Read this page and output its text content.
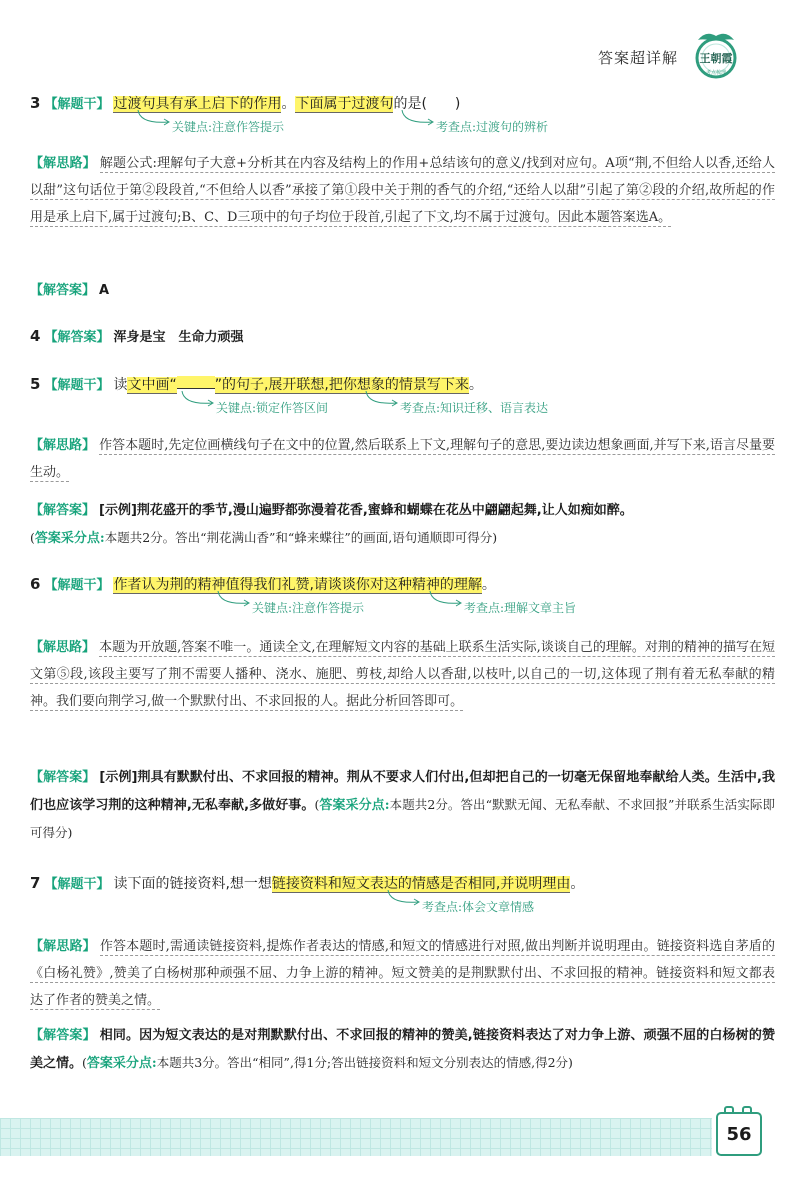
答案超详解 王朝霞
考点梳理
3 【解题干】 过渡句具有承上启下的作用。下面属于过渡句的是(　　)
关键点:注意作答提示	考查点:过渡句的辨析
【解思路】 解题公式:理解句子大意+分析其在内容及结构上的作用+总结该句的意义/找到对应句。A项“荆,不但给人以香,还给人以甜”这句话位于第②段段首,“不但给人以香”承接了第①段中关于荆的香气的介绍,“还给人以甜”引起了第②段的介绍,故所起的作用是承上启下,属于过渡句;B、C、D三项中的句子均位于段首,引起了下文,均不属于过渡句。因此本题答案选A。
【解答案】 A
4 【解答案】 浑身是宝　生命力顽强
5 【解题干】 读文中画“	”的句子,展开联想,把你想象的情景写下来。
关键点:锁定作答区间	考查点:知识迁移、语言表达
【解思路】 作答本题时,先定位画横线句子在文中的位置,然后联系上下文,理解句子的意思,要边读边想象画面,并写下来,语言尽量要生动。
【解答案】 [示例]荆花盛开的季节,漫山遍野都弥漫着花香,蜜蜂和蝴蝶在花丛中翩翩起舞,让人如痴如醉。
(答案采分点:本题共2分。答出“荆花满山香”和“蜂来蝶往”的画面,语句通顺即可得分)
6 【解题干】 作者认为荆的精神值得我们礼赞,请谈谈你对这种精神的理解。
关键点:注意作答提示	考查点:理解文章主旨
【解思路】 本题为开放题,答案不唯一。通读全文,在理解短文内容的基础上联系生活实际,谈谈自己的理解。对荆的精神的描写在短文第⑤段,该段主要写了荆不需要人播种、浇水、施肥、剪枝,却给人以香甜,以枝叶,以自己的一切,这体现了荆有着无私奉献的精神。我们要向荆学习,做一个默默付出、不求回报的人。据此分析回答即可。
【解答案】 [示例]荆具有默默付出、不求回报的精神。荆从不要求人们付出,但却把自己的一切毫无保留地奉献给人类。生活中,我们也应该学习荆的这种精神,无私奉献,多做好事。(答案采分点:本题共2分。答出“默默无闻、无私奉献、不求回报”并联系生活实际即可得分)
7 【解题干】 读下面的链接资料,想一想链接资料和短文表达的情感是否相同,并说明理由。
考查点:体会文章情感
【解思路】 作答本题时,需通读链接资料,提炼作者表达的情感,和短文的情感进行对照,做出判断并说明理由。链接资料选自茅盾的《白杨礼赞》,赞美了白杨树那种顽强不屈、力争上游的精神。短文赞美的是荆默默付出、不求回报的精神。链接资料和短文都表达了作者的赞美之情。
【解答案】 相同。因为短文表达的是对荆默默付出、不求回报的精神的赞美,链接资料表达了对力争上游、顽强不屈的白杨树的赞美之情。(答案采分点:本题共3分。答出“相同”,得1分;答出链接资料和短文分别表达的情感,得2分)
56
